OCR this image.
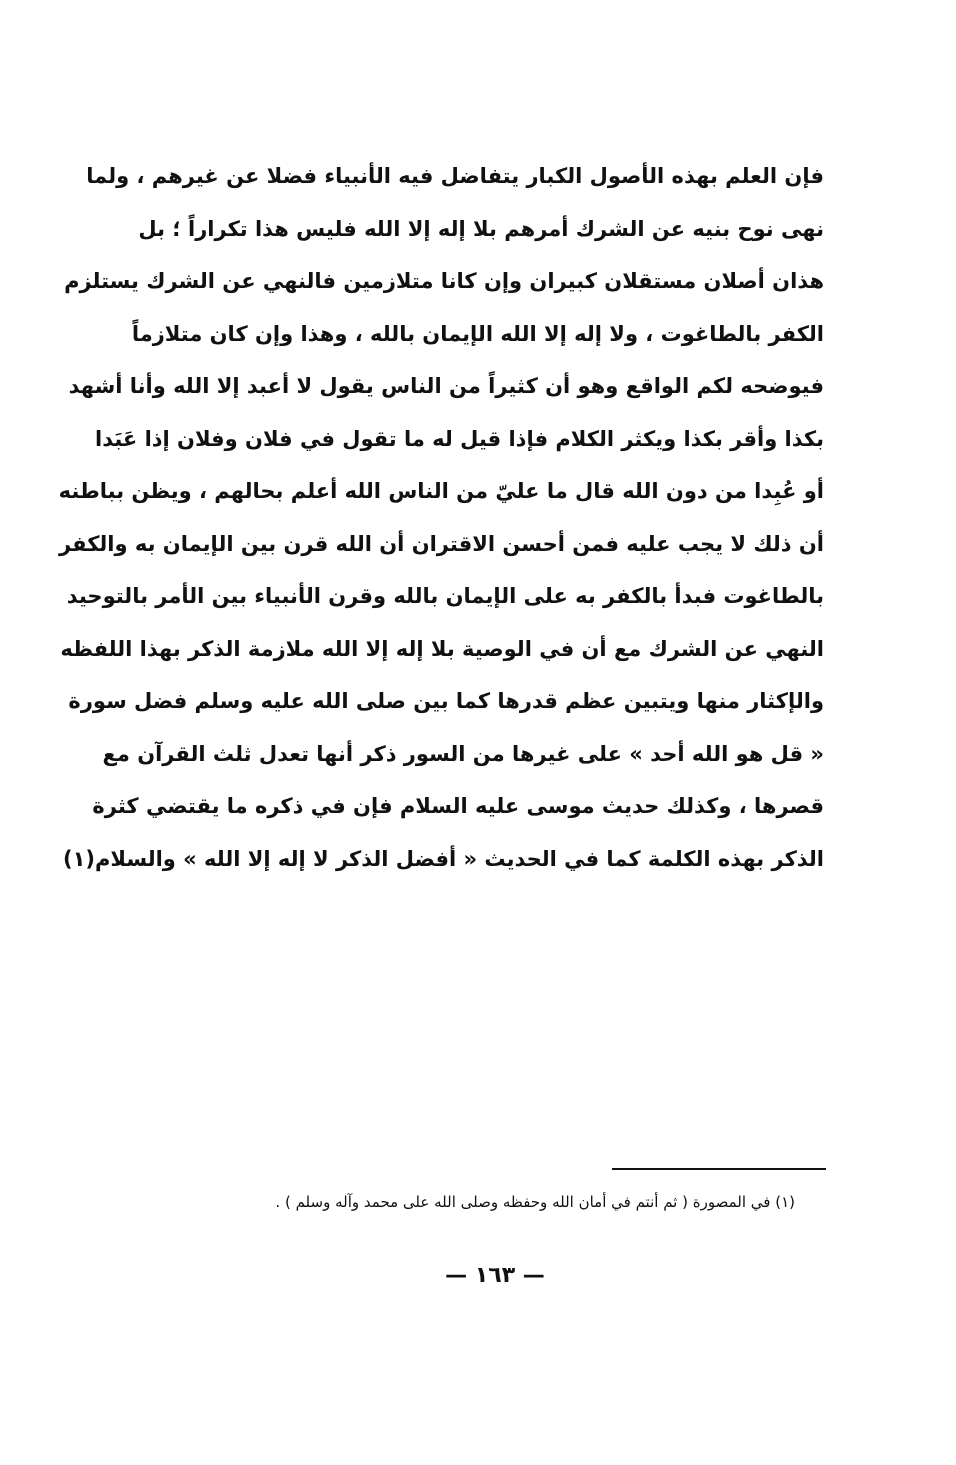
فإن العلم بهذه الأصول الكبار يتفاضل فيه الأنبياء فضلا عن غيرهم ، ولما
نهى نوح بنيه عن الشرك أمرهم بلا إله إلا الله فليس هذا تكراراً ؛ بل
هذان أصلان مستقلان كبيران وإن كانا متلازمين فالنهي عن الشرك يستلزم
الكفر بالطاغوت ، ولا إله إلا الله الإيمان بالله ، وهذا وإن كان متلازماً
فيوضحه لكم الواقع وهو أن كثيراً من الناس يقول لا أعبد إلا الله وأنا أشهد
بكذا وأقر بكذا ويكثر الكلام فإذا قيل له ما تقول في فلان وفلان إذا عَبَدا
أو عُبِدا من دون الله قال ما عليّ من الناس الله أعلم بحالهم ، ويظن بباطنه
أن ذلك لا يجب عليه فمن أحسن الاقتران أن الله قرن بين الإيمان به والكفر
بالطاغوت فبدأ بالكفر به على الإيمان بالله وقرن الأنبياء بين الأمر بالتوحيد
النهي عن الشرك مع أن في الوصية بلا إله إلا الله ملازمة الذكر بهذا اللفظه
والإكثار منها ويتبين عظم قدرها كما بين صلى الله عليه وسلم فضل سورة
« قل هو الله أحد » على غيرها من السور ذكر أنها تعدل ثلث القرآن مع
قصرها ، وكذلك حديث موسى عليه السلام فإن في ذكره ما يقتضي كثرة
الذكر بهذه الكلمة كما في الحديث « أفضل الذكر لا إله إلا الله » والسلام(١)
(١) في المصورة ( ثم أنتم في أمان الله وحفظه وصلى الله على محمد وآله وسلم ) .
— ١٦٣ —
